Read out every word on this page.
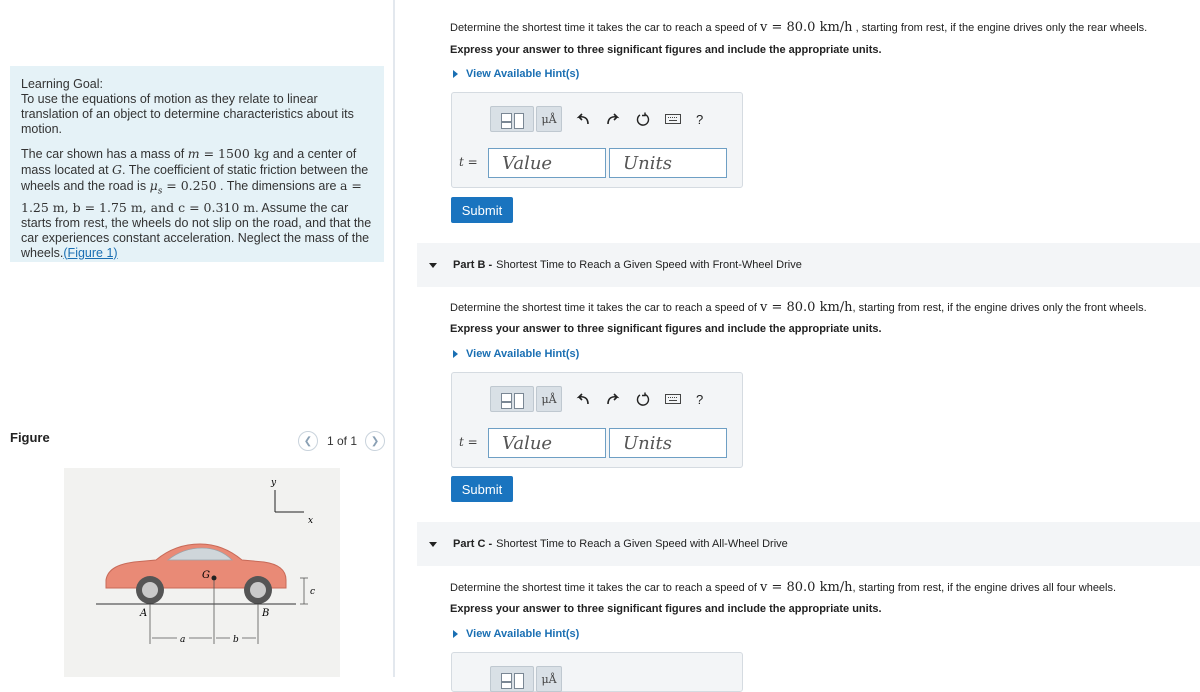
Learning Goal:

To use the equations of motion as they relate to linear translation of an object to determine characteristics about its motion.

The car shown has a mass of m = 1500 kg and a center of mass located at G. The coefficient of static friction between the wheels and the road is $\mu_s = 0.250$ . The dimensions are a = 1.25 m, b = 1.75 m, and c = 0.310 m. Assume the car starts from rest, the wheels do not slip on the road, and that the car experiences constant acceleration. Neglect the mass of the wheels.(Figure 1)

Figure	❮	1 of 1	❯
y
x
G
A	B
c
a	b
Determine the shortest time it takes the car to reach a speed of v = 80.0 km/h , starting from rest, if the engine drives only the rear wheels.
Express your answer to three significant figures and include the appropriate units.
View Available Hint(s)
μÅ	?
t =	Value	Units
Submit
Part B - Shortest Time to Reach a Given Speed with Front-Wheel Drive
Determine the shortest time it takes the car to reach a speed of v = 80.0 km/h, starting from rest, if the engine drives only the front wheels.
Express your answer to three significant figures and include the appropriate units.
View Available Hint(s)
μÅ	?
t =	Value	Units
Submit
Part C - Shortest Time to Reach a Given Speed with All-Wheel Drive
Determine the shortest time it takes the car to reach a speed of v = 80.0 km/h, starting from rest, if the engine drives all four wheels.
Express your answer to three significant figures and include the appropriate units.
View Available Hint(s)
μÅ
